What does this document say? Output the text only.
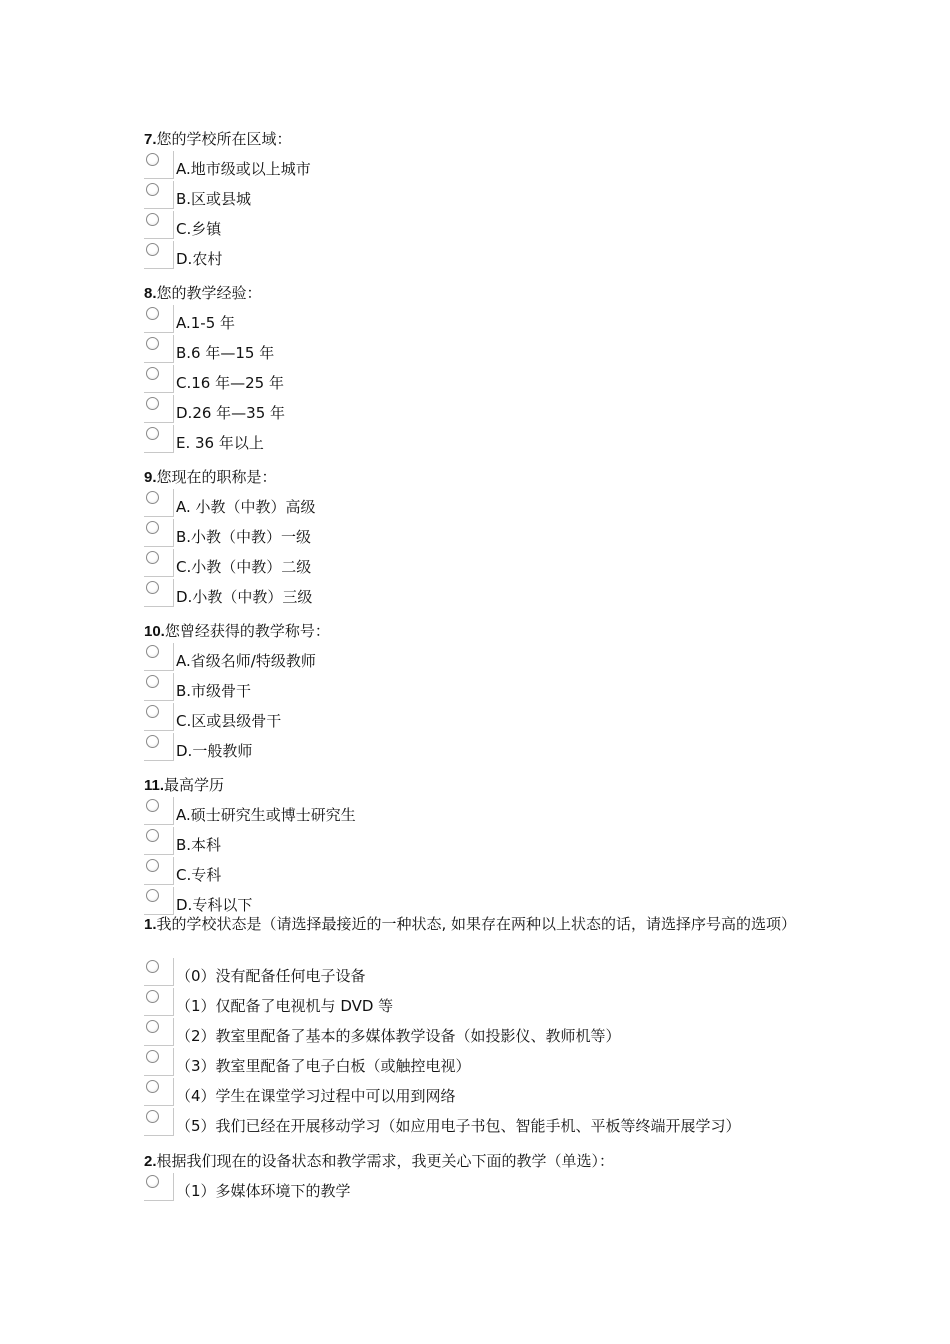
7.您的学校所在区域：

A.地市级或以上城市
B.区或县城
C.乡镇
D.农村

8.您的教学经验：

A.1-5 年
B.6 年—15 年
C.16 年—25 年
D.26 年—35 年
E. 36 年以上

9.您现在的职称是：

A. 小教（中教）高级
B.小教（中教）一级
C.小教（中教）二级
D.小教（中教）三级

10.您曾经获得的教学称号：

A.省级名师/特级教师
B.市级骨干
C.区或县级骨干
D.一般教师

11.最高学历

A.硕士研究生或博士研究生
B.本科
C.专科
D.专科以下

1.我的学校状态是（请选择最接近的一种状态, 如果存在两种以上状态的话，请选择序号高的选项）

（0）没有配备任何电子设备
（1）仅配备了电视机与 DVD 等
（2）教室里配备了基本的多媒体教学设备（如投影仪、教师机等）
（3）教室里配备了电子白板（或触控电视）
（4）学生在课堂学习过程中可以用到网络
（5）我们已经在开展移动学习（如应用电子书包、智能手机、平板等终端开展学习）

2.根据我们现在的设备状态和教学需求，我更关心下面的教学（单选）：

（1）多媒体环境下的教学
